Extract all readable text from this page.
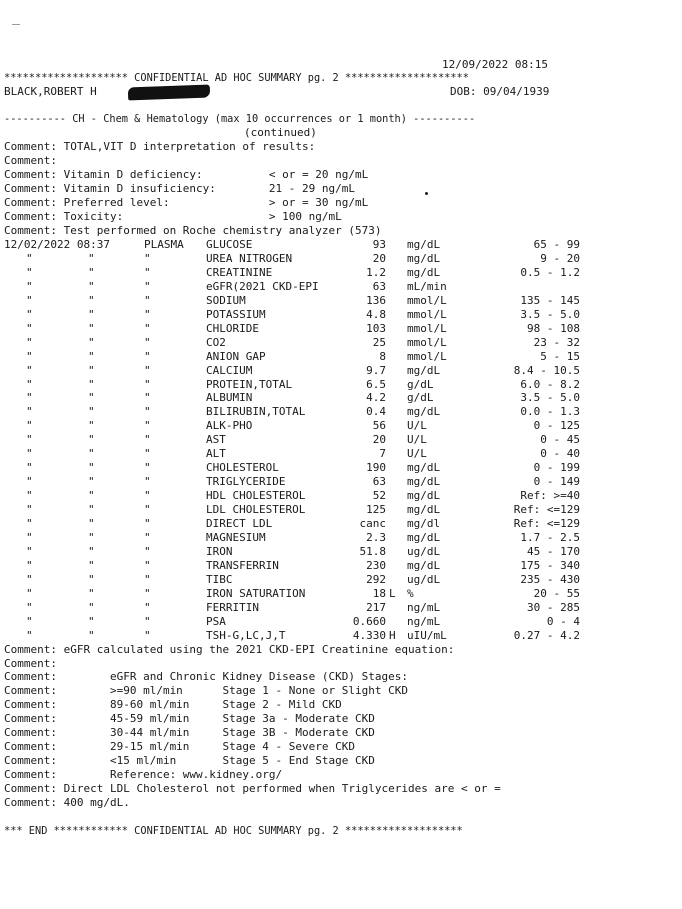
12/09/2022 08:15
******************** CONFIDENTIAL AD HOC SUMMARY pg. 2 ********************
BLACK,ROBERT H	DOB: 09/04/1939
---------- CH - Chem & Hematology (max 10 occurrences or 1 month) ----------
(continued)
Comment: TOTAL,VIT D interpretation of results:
Comment:
Comment: Vitamin D deficiency:          < or = 20 ng/mL
Comment: Vitamin D insuficiency:        21 - 29 ng/mL
Comment: Preferred level:               > or = 30 ng/mL
Comment: Toxicity:                      > 100 ng/mL
Comment: Test performed on Roche chemistry analyzer (573)
12/02/2022 08:37	PLASMA GLUCOSE	93 mg/dL	65 - 99
"	"	"	UREA NITROGEN	20 mg/dL	9 - 20
"	"	"	CREATININE	1.2 mg/dL	0.5 - 1.2
"	"	"	eGFR(2021 CKD-EPI	63 mL/min
"	"	"	SODIUM	136 mmol/L	135 - 145
"	"	"	POTASSIUM	4.8 mmol/L	3.5 - 5.0
"	"	"	CHLORIDE	103 mmol/L	98 - 108
"	"	"	CO2	25 mmol/L	23 - 32
"	"	"	ANION GAP	8 mmol/L	5 - 15
"	"	"	CALCIUM	9.7 mg/dL	8.4 - 10.5
"	"	"	PROTEIN,TOTAL	6.5 g/dL	6.0 - 8.2
"	"	"	ALBUMIN	4.2 g/dL	3.5 - 5.0
"	"	"	BILIRUBIN,TOTAL	0.4 mg/dL	0.0 - 1.3
"	"	"	ALK-PHO	56 U/L	0 - 125
"	"	"	AST	20 U/L	0 - 45
"	"	"	ALT	7 U/L	0 - 40
"	"	"	CHOLESTEROL	190 mg/dL	0 - 199
"	"	"	TRIGLYCERIDE	63 mg/dL	0 - 149
"	"	"	HDL CHOLESTEROL	52 mg/dL	Ref: >=40
"	"	"	LDL CHOLESTEROL	125 mg/dL	Ref: <=129
"	"	"	DIRECT LDL	canc mg/dl	Ref: <=129
"	"	"	MAGNESIUM	2.3 mg/dL	1.7 - 2.5
"	"	"	IRON	51.8 ug/dL	45 - 170
"	"	"	TRANSFERRIN	230 mg/dL	175 - 340
"	"	"	TIBC	292 ug/dL	235 - 430
"	"	"	IRON SATURATION	18 L %	20 - 55
"	"	"	FERRITIN	217 ng/mL	30 - 285
"	"	"	PSA	0.660 ng/mL	0 - 4
"	"	"	TSH-G,LC,J,T	4.330 H uIU/mL	0.27 - 4.2
Comment: eGFR calculated using the 2021 CKD-EPI Creatinine equation:
Comment:
Comment:        eGFR and Chronic Kidney Disease (CKD) Stages:
Comment:        >=90 ml/min      Stage 1 - None or Slight CKD
Comment:        89-60 ml/min     Stage 2 - Mild CKD
Comment:        45-59 ml/min     Stage 3a - Moderate CKD
Comment:        30-44 ml/min     Stage 3B - Moderate CKD
Comment:        29-15 ml/min     Stage 4 - Severe CKD
Comment:        <15 ml/min       Stage 5 - End Stage CKD
Comment:        Reference: www.kidney.org/
Comment: Direct LDL Cholesterol not performed when Triglycerides are < or =
Comment: 400 mg/dL.
*** END ************ CONFIDENTIAL AD HOC SUMMARY pg. 2 *******************
